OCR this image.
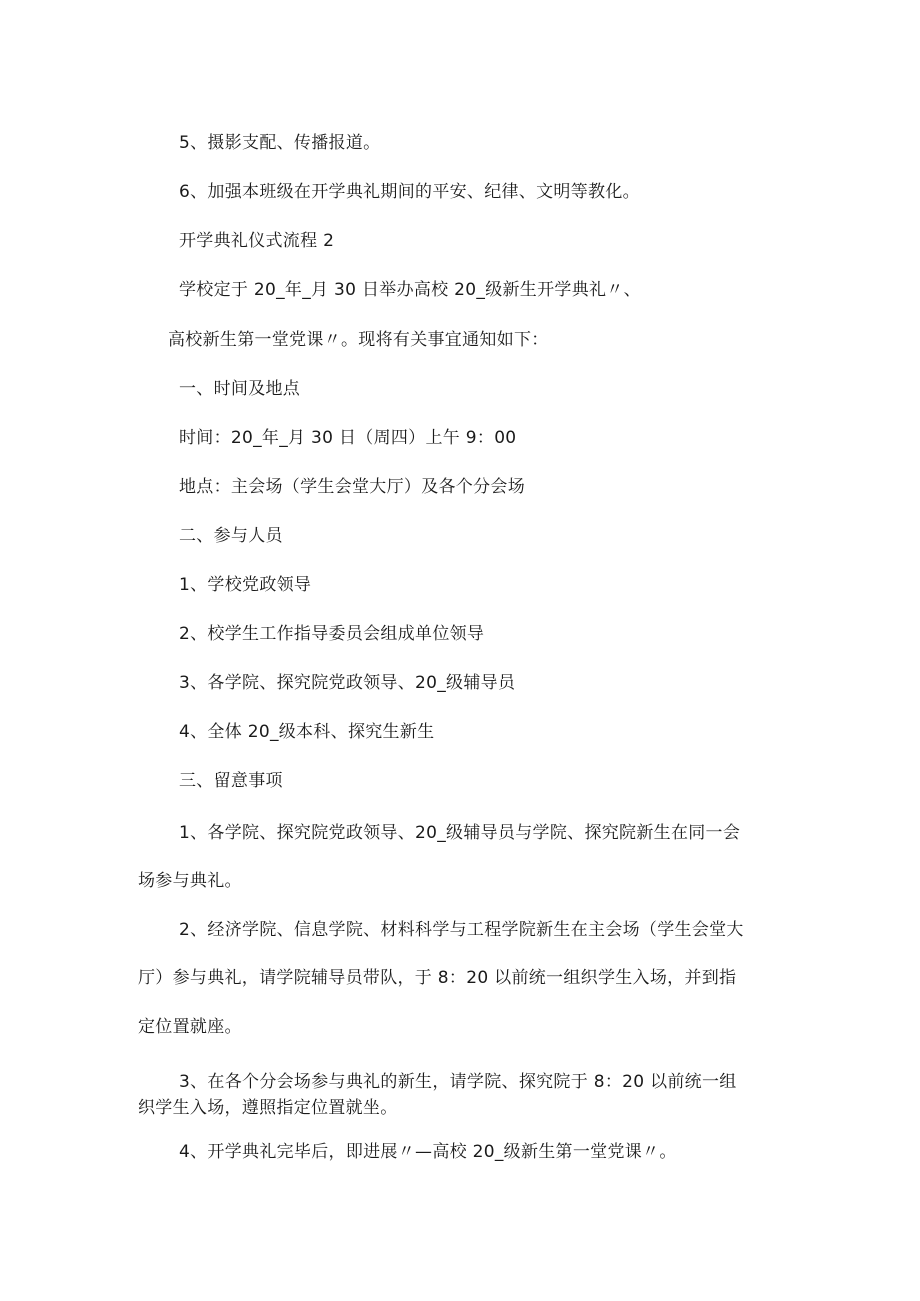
5、摄影支配、传播报道。
6、加强本班级在开学典礼期间的平安、纪律、文明等教化。
开学典礼仪式流程 2
学校定于 20_年_月 30 日举办高校 20_级新生开学典礼〃、
高校新生第一堂党课〃。现将有关事宜通知如下：
一、时间及地点
时间：20_年_月 30 日（周四）上午 9：00
地点：主会场（学生会堂大厅）及各个分会场
二、参与人员
1、学校党政领导
2、校学生工作指导委员会组成单位领导
3、各学院、探究院党政领导、20_级辅导员
4、全体 20_级本科、探究生新生
三、留意事项
1、各学院、探究院党政领导、20_级辅导员与学院、探究院新生在同一会
场参与典礼。
2、经济学院、信息学院、材料科学与工程学院新生在主会场（学生会堂大
厅）参与典礼，请学院辅导员带队，于 8：20 以前统一组织学生入场，并到指
定位置就座。
3、在各个分会场参与典礼的新生，请学院、探究院于 8：20 以前统一组
织学生入场，遵照指定位置就坐。
4、开学典礼完毕后，即进展〃—高校 20_级新生第一堂党课〃。
